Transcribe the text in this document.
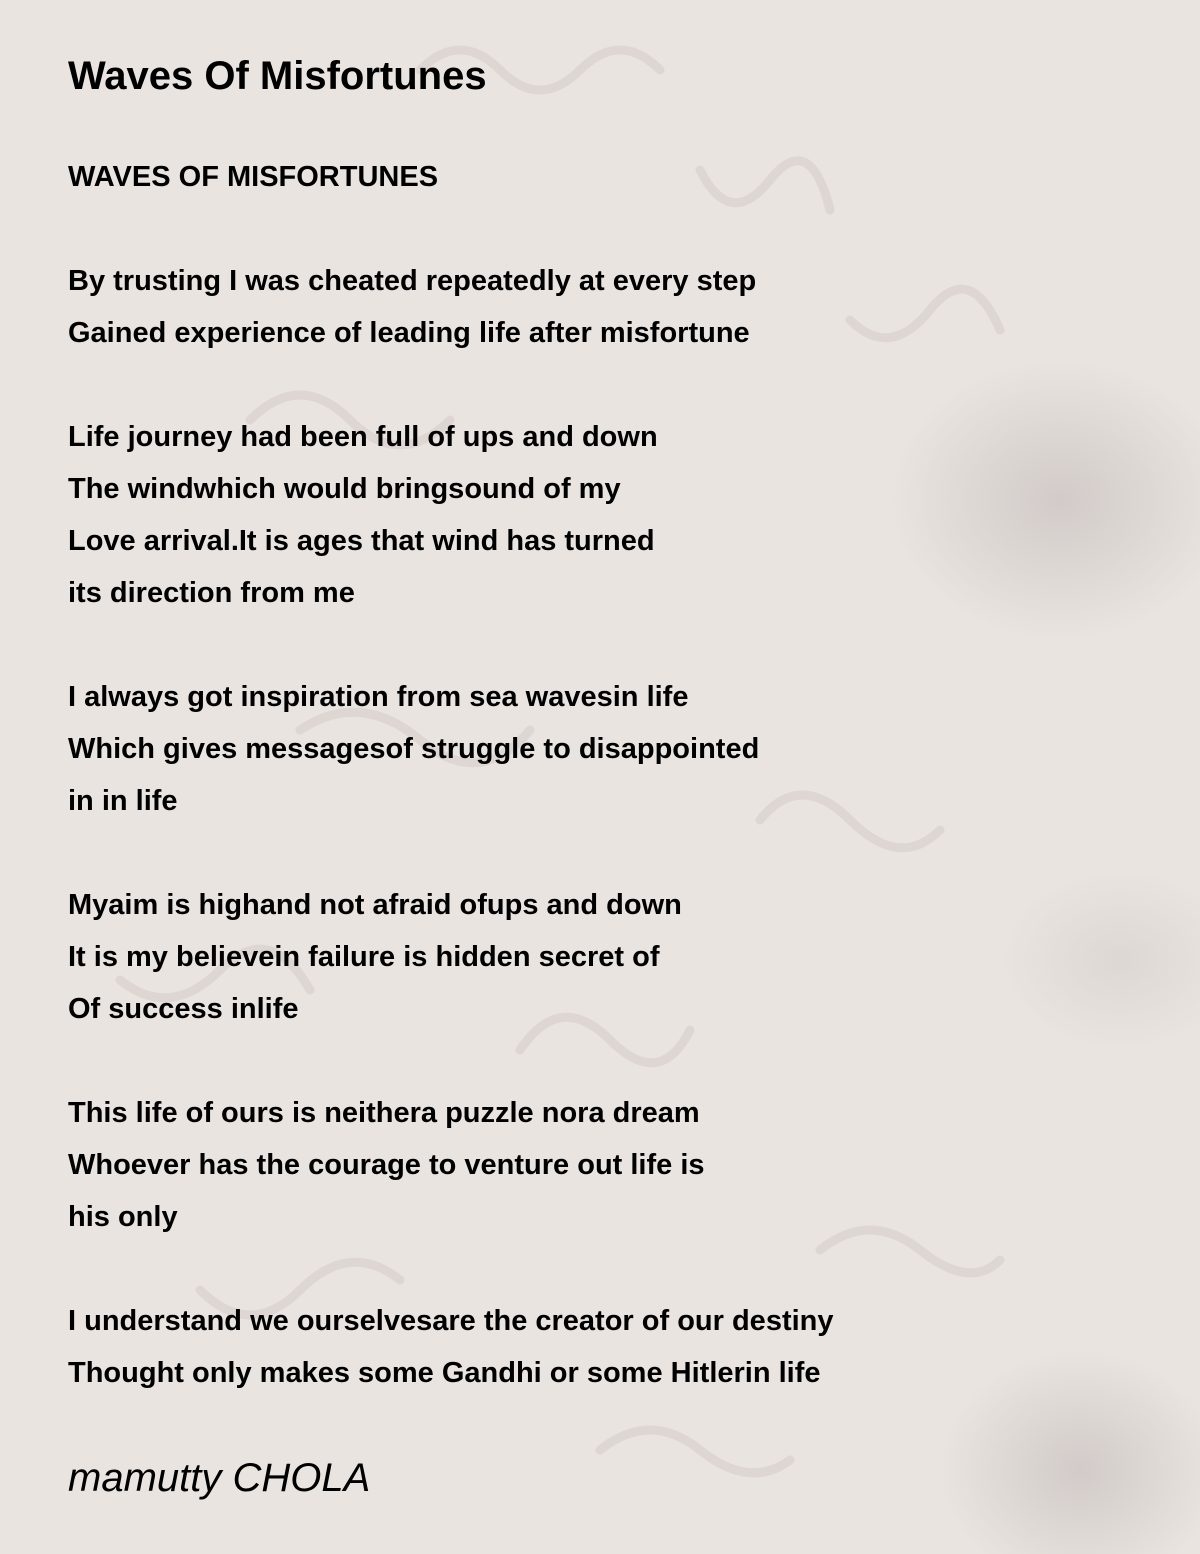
Waves Of Misfortunes
WAVES OF MISFORTUNES
By trusting I was cheated repeatedly at every step
Gained experience of leading life after misfortune
Life journey had been full of ups and down
The windwhich would bringsound of my
Love arrival.It is ages that wind has turned
its direction from me
I always got inspiration from sea wavesin life
Which gives messagesof struggle to disappointed
in in life
Myaim is highand not afraid ofups and down
It is my believein failure is hidden secret of
Of success inlife
This life of ours is neithera puzzle nora dream
Whoever has the courage to venture out life is
his only
I understand we ourselvesare the creator of our destiny
Thought only makes some Gandhi or some Hitlerin life
mamutty CHOLA
